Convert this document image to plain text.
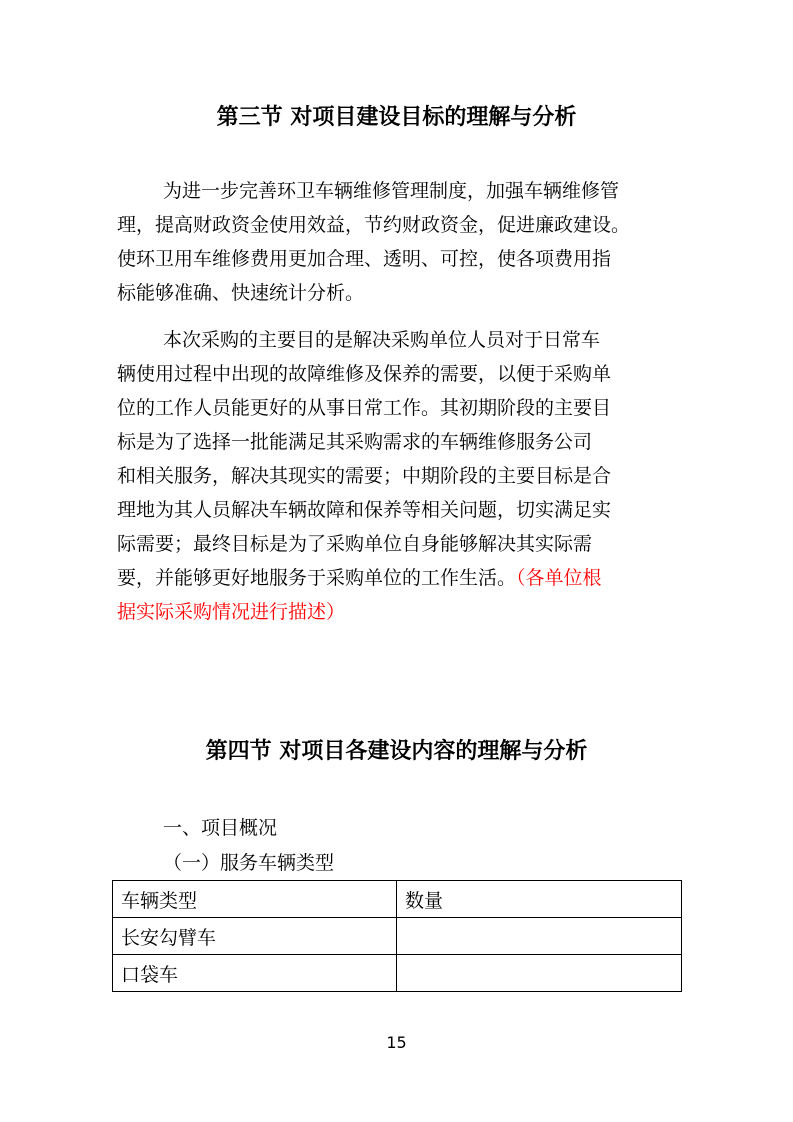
第三节 对项目建设目标的理解与分析

为进一步完善环卫车辆维修管理制度，加强车辆维修管

理，提高财政资金使用效益，节约财政资金，促进廉政建设。

使环卫用车维修费用更加合理、透明、可控，使各项费用指

标能够准确、快速统计分析。

本次采购的主要目的是解决采购单位人员对于日常车

辆使用过程中出现的故障维修及保养的需要，以便于采购单

位的工作人员能更好的从事日常工作。其初期阶段的主要目

标是为了选择一批能满足其采购需求的车辆维修服务公司

和相关服务，解决其现实的需要；中期阶段的主要目标是合

理地为其人员解决车辆故障和保养等相关问题，切实满足实

际需要；最终目标是为了采购单位自身能够解决其实际需

要，并能够更好地服务于采购单位的工作生活。（各单位根

据实际采购情况进行描述）

第四节 对项目各建设内容的理解与分析

一、项目概况

（一）服务车辆类型

车辆类型	数量
长安勾臂车	
口袋车	

15
